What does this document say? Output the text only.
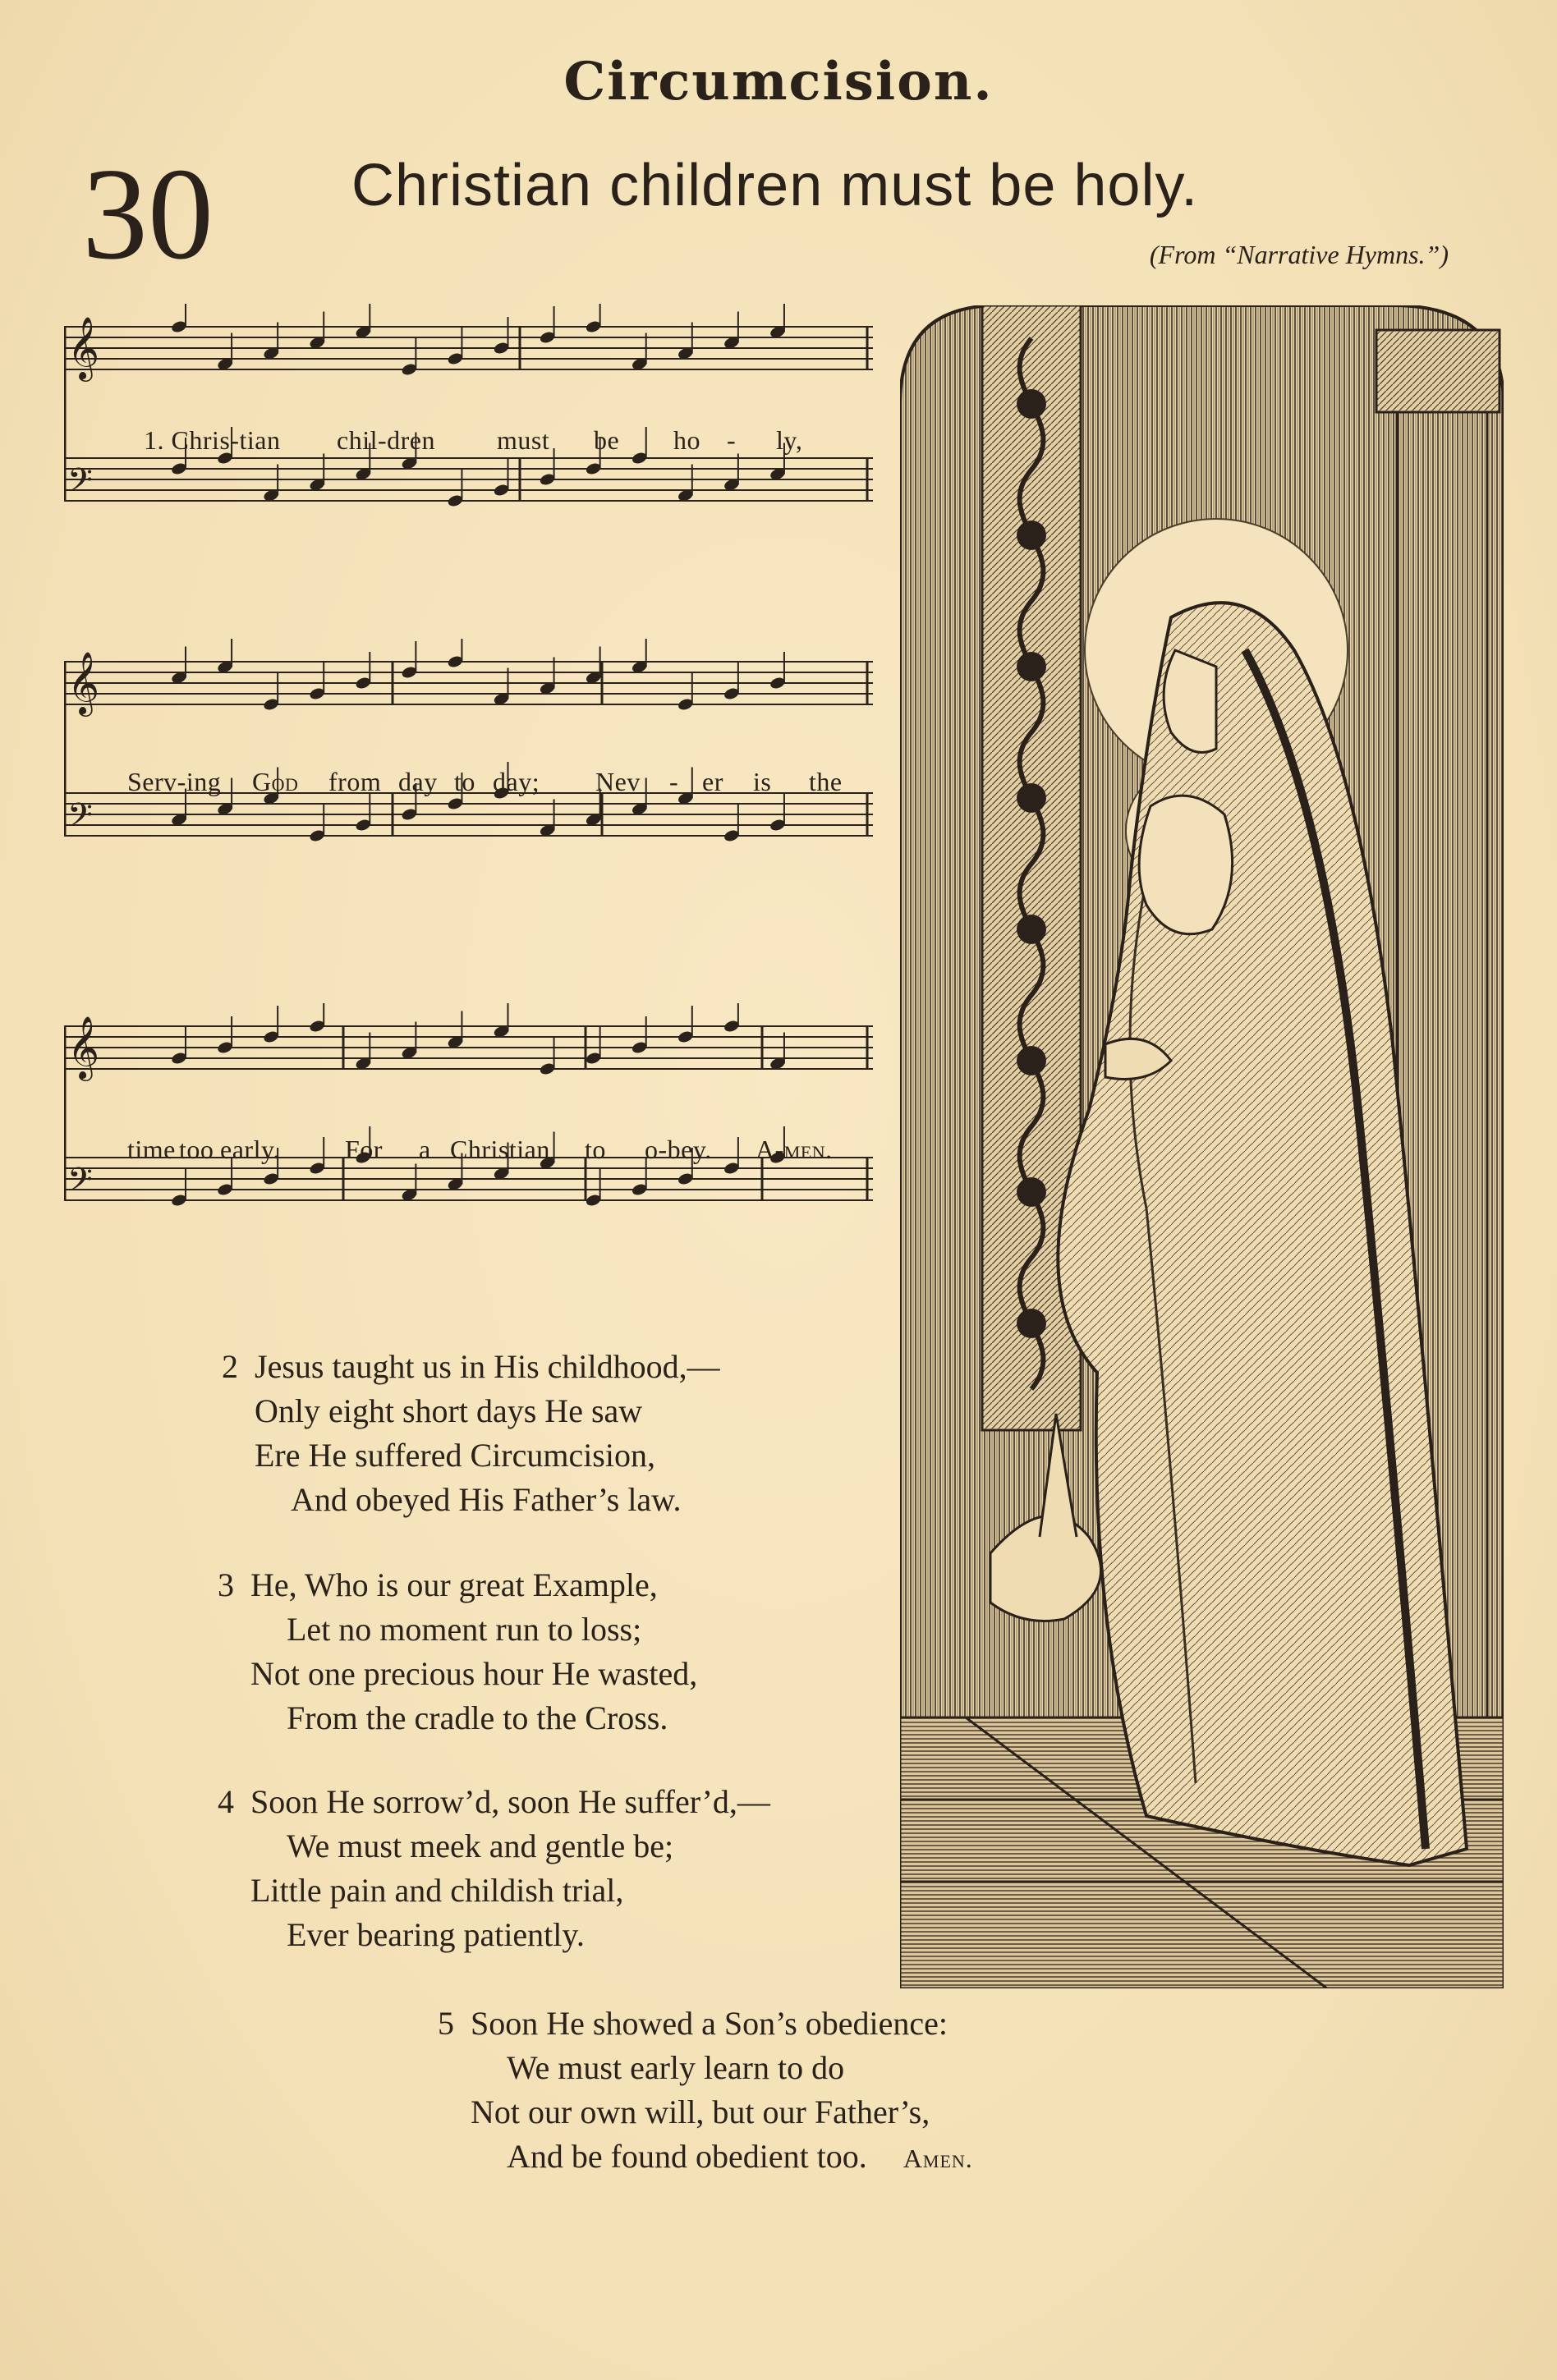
Circumcision.
30 Christian children must be holy.
(From “Narrative Hymns.”)
𝄞
𝄢
1. Chris-tian chil-dren must be ho - ly,
𝄞
𝄢
Serv-ing God from day to day; Nev - er is the
𝄞
𝄢
time too early. For a Christian to o-bey. A-men.
2 Jesus taught us in His childhood,—
Only eight short days He saw
Ere He suffered Circumcision,
And obeyed His Father’s law.
3 He, Who is our great Example,
Let no moment run to loss;
Not one precious hour He wasted,
From the cradle to the Cross.
4 Soon He sorrow’d, soon He suffer’d,—
We must meek and gentle be;
Little pain and childish trial,
Ever bearing patiently.
5 Soon He showed a Son’s obedience:
We must early learn to do
Not our own will, but our Father’s,
And be found obedient too. Amen.
